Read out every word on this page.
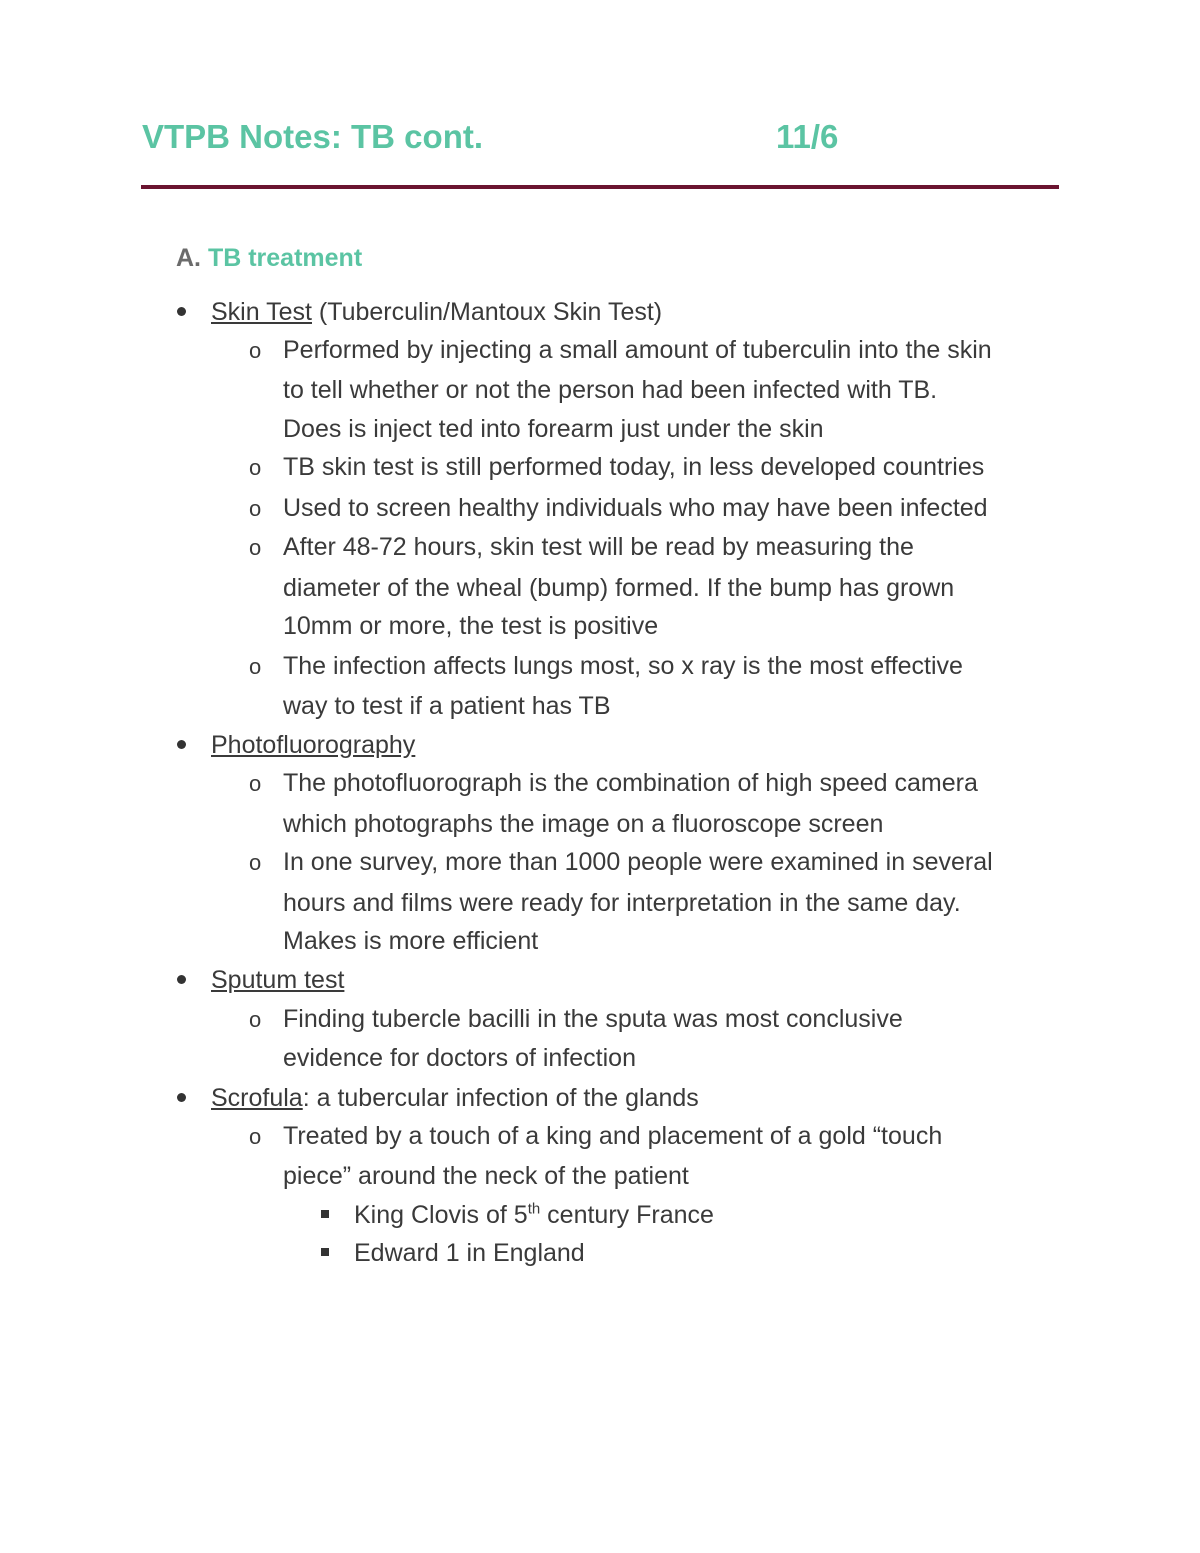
VTPB Notes: TB cont.	11/6
A. TB treatment
Skin Test (Tuberculin/Mantoux Skin Test)
o Performed by injecting a small amount of tuberculin into the skin
to tell whether or not the person had been infected with TB.
Does is inject ted into forearm just under the skin
o TB skin test is still performed today, in less developed countries
o Used to screen healthy individuals who may have been infected
o After 48-72 hours, skin test will be read by measuring the
diameter of the wheal (bump) formed. If the bump has grown
10mm or more, the test is positive
o The infection affects lungs most, so x ray is the most effective
way to test if a patient has TB
Photofluorography
o The photofluorograph is the combination of high speed camera
which photographs the image on a fluoroscope screen
o In one survey, more than 1000 people were examined in several
hours and films were ready for interpretation in the same day.
Makes is more efficient
Sputum test
o Finding tubercle bacilli in the sputa was most conclusive
evidence for doctors of infection
Scrofula: a tubercular infection of the glands
o Treated by a touch of a king and placement of a gold “touch
piece” around the neck of the patient
King Clovis of 5th century France
Edward 1 in England
